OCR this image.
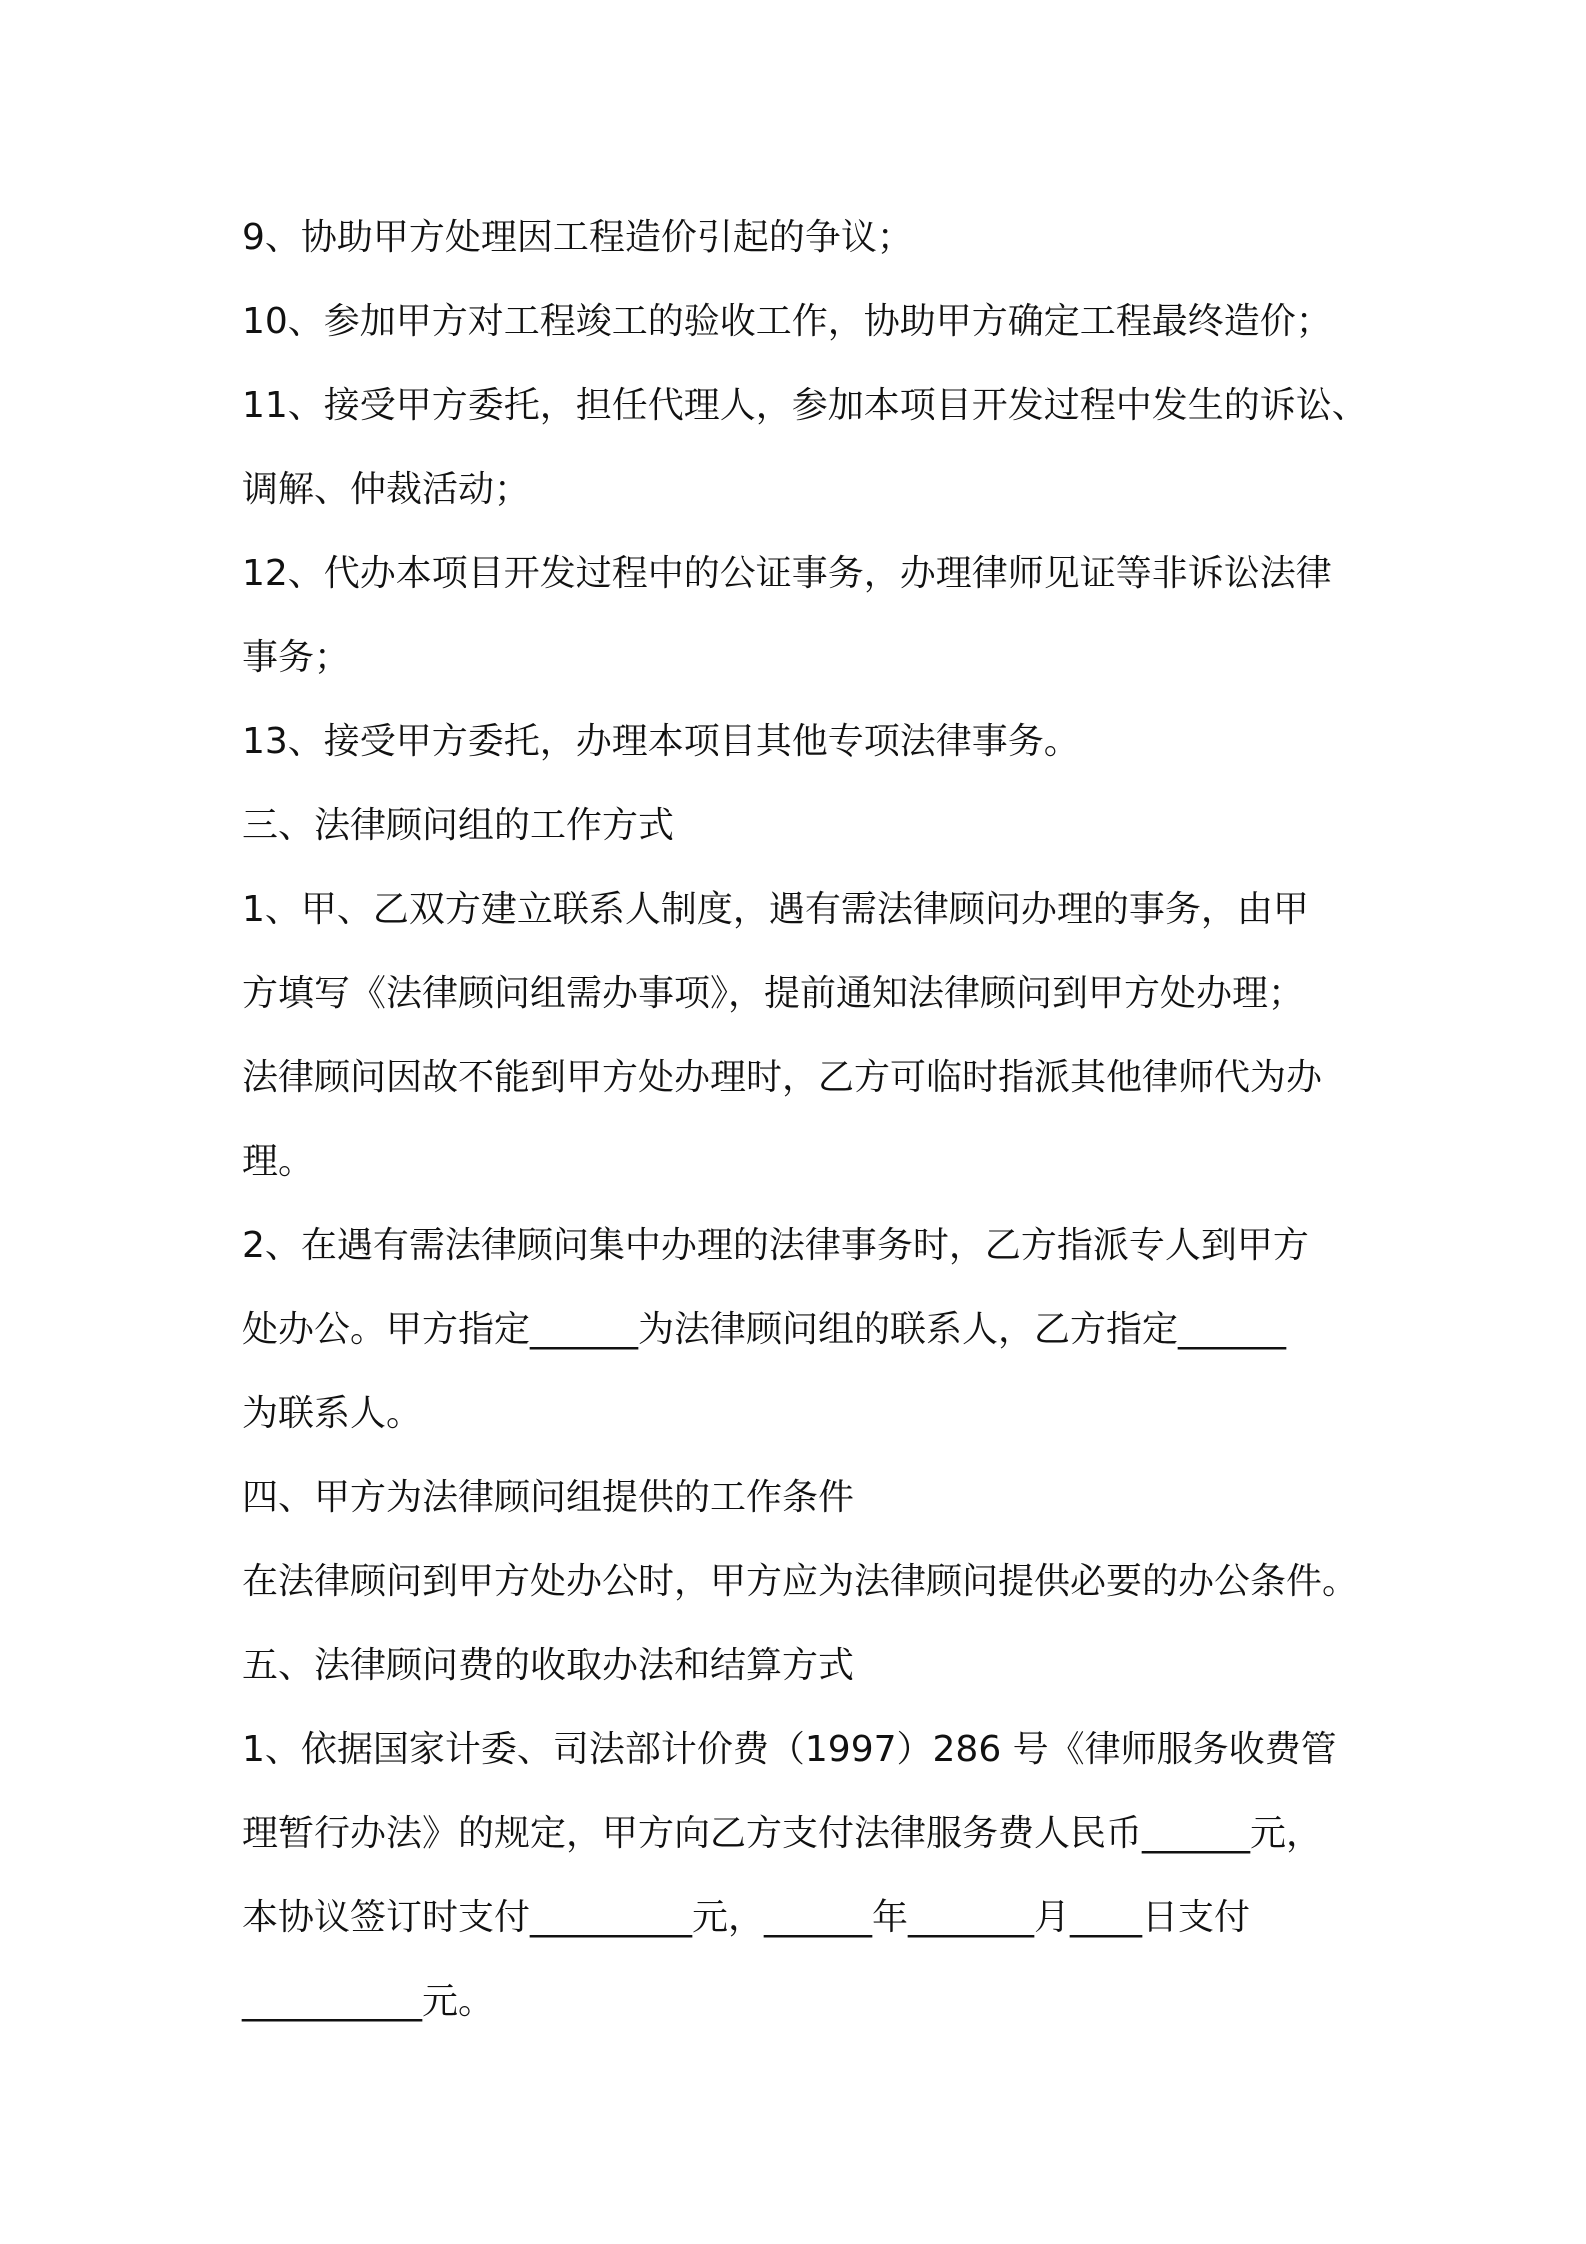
9、协助甲方处理因工程造价引起的争议；
10、参加甲方对工程竣工的验收工作，协助甲方确定工程最终造价；
11、接受甲方委托，担任代理人，参加本项目开发过程中发生的诉讼、
调解、仲裁活动；
12、代办本项目开发过程中的公证事务，办理律师见证等非诉讼法律
事务；
13、接受甲方委托，办理本项目其他专项法律事务。
三、法律顾问组的工作方式
1、甲、乙双方建立联系人制度，遇有需法律顾问办理的事务，由甲
方填写《法律顾问组需办事项》，提前通知法律顾问到甲方处办理；
法律顾问因故不能到甲方处办理时，乙方可临时指派其他律师代为办
理。
2、在遇有需法律顾问集中办理的法律事务时，乙方指派专人到甲方
处办公。甲方指定______为法律顾问组的联系人，乙方指定______
为联系人。
四、甲方为法律顾问组提供的工作条件
在法律顾问到甲方处办公时，甲方应为法律顾问提供必要的办公条件。
五、法律顾问费的收取办法和结算方式
1、依据国家计委、司法部计价费（1997）286 号《律师服务收费管
理暂行办法》的规定，甲方向乙方支付法律服务费人民币______元，
本协议签订时支付_________元，______年_______月____日支付
__________元。
